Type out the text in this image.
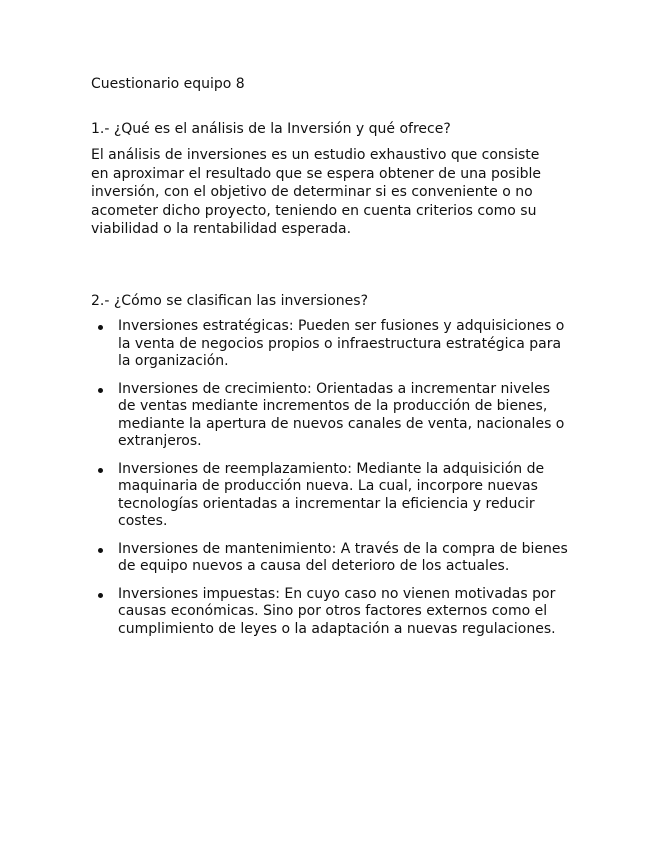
Cuestionario equipo 8
1.- ¿Qué es el análisis de la Inversión y qué ofrece?

El análisis de inversiones es un estudio exhaustivo que consiste en aproximar el resultado que se espera obtener de una posible inversión, con el objetivo de determinar si es conveniente o no acometer dicho proyecto, teniendo en cuenta criterios como su viabilidad o la rentabilidad esperada.

2.- ¿Cómo se clasifican las inversiones?
Inversiones estratégicas: Pueden ser fusiones y adquisiciones o la venta de negocios propios o infraestructura estratégica para la organización.
Inversiones de crecimiento: Orientadas a incrementar niveles de ventas mediante incrementos de la producción de bienes, mediante la apertura de nuevos canales de venta, nacionales o extranjeros.
Inversiones de reemplazamiento: Mediante la adquisición de maquinaria de producción nueva. La cual, incorpore nuevas tecnologías orientadas a incrementar la eficiencia y reducir costes.
Inversiones de mantenimiento: A través de la compra de bienes de equipo nuevos a causa del deterioro de los actuales.
Inversiones impuestas: En cuyo caso no vienen motivadas por causas económicas. Sino por otros factores externos como el cumplimiento de leyes o la adaptación a nuevas regulaciones.
